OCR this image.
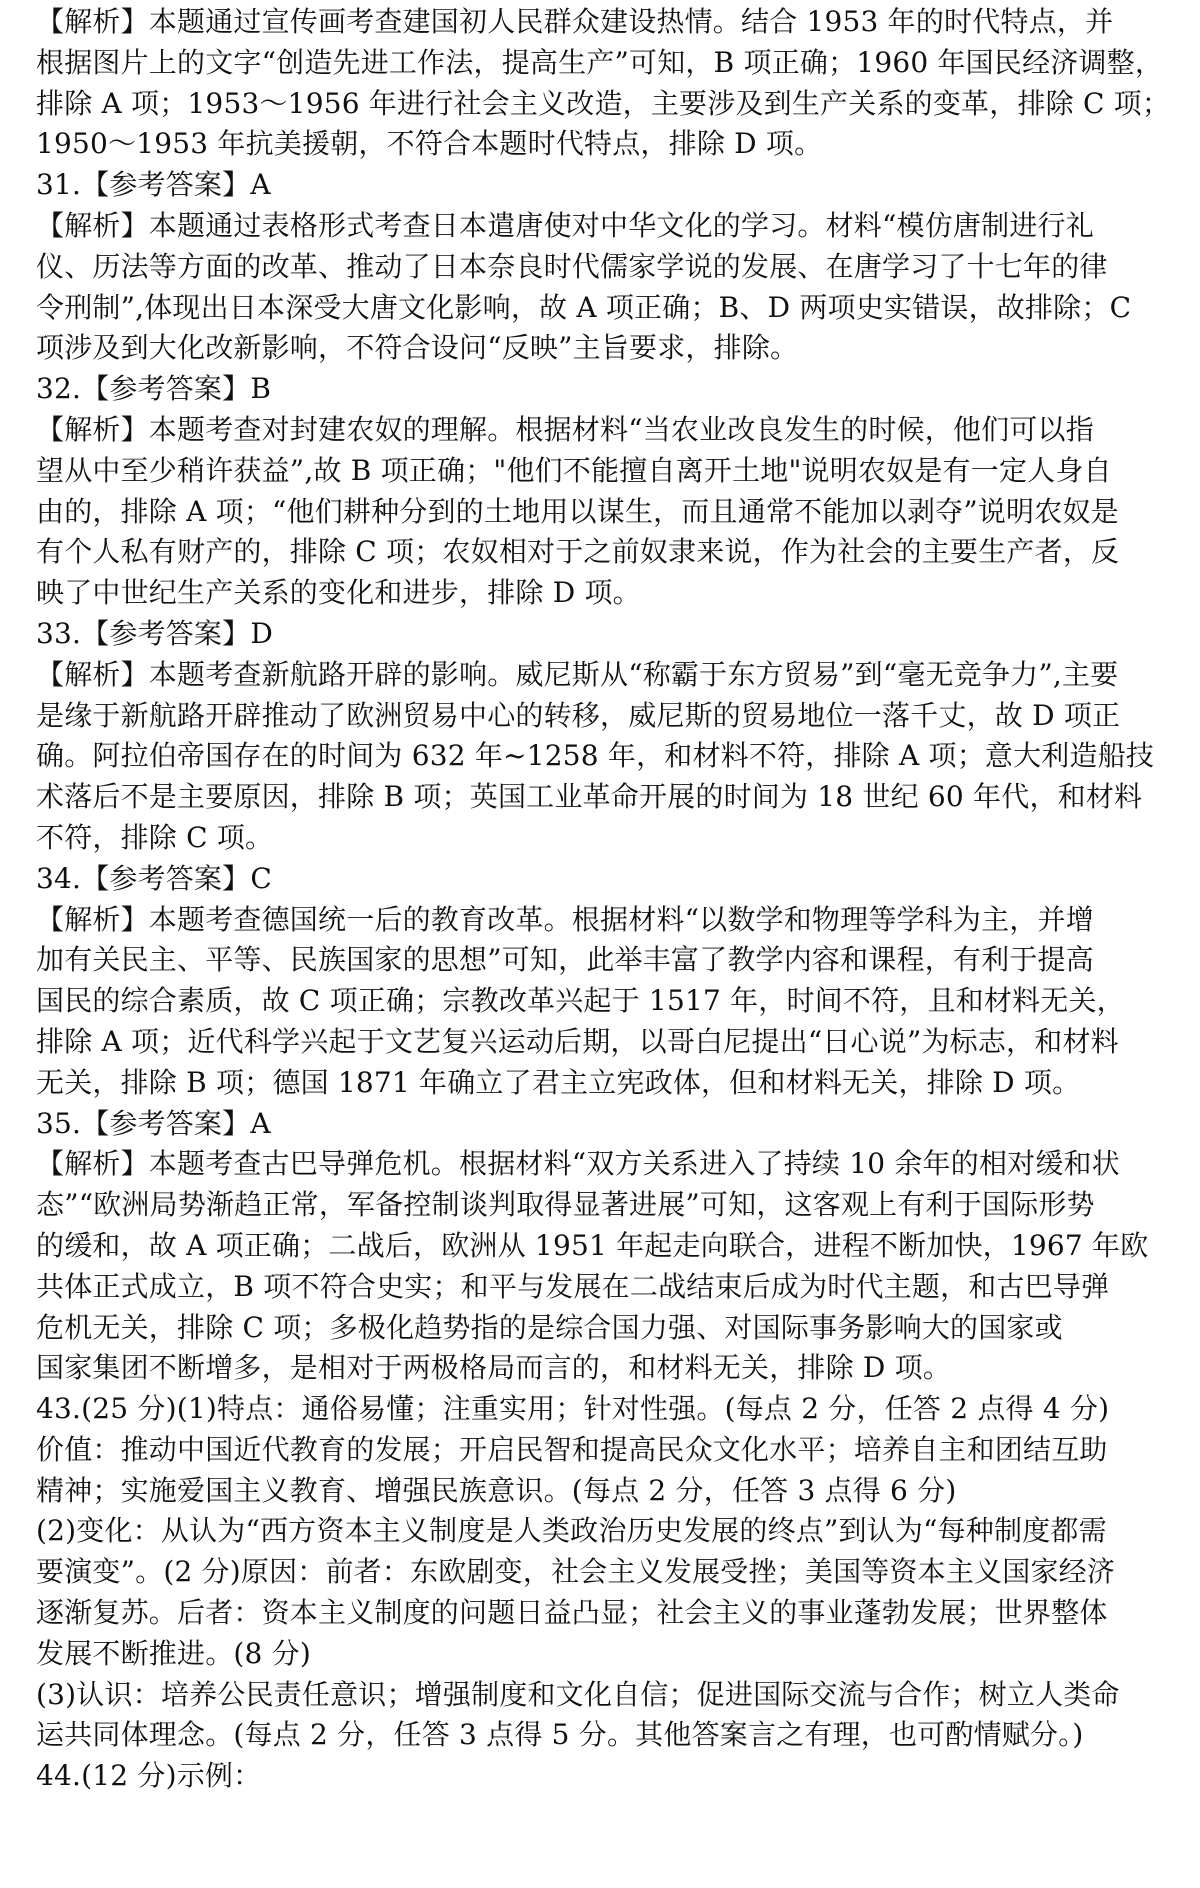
【解析】本题通过宣传画考查建国初人民群众建设热情。结合 1953 年的时代特点，并
根据图片上的文字“创造先进工作法，提高生产”可知，B 项正确；1960 年国民经济调整，
排除 A 项；1953～1956 年进行社会主义改造，主要涉及到生产关系的变革，排除 C 项；
1950～1953 年抗美援朝，不符合本题时代特点，排除 D 项。
31.【参考答案】A
【解析】本题通过表格形式考查日本遣唐使对中华文化的学习。材料“模仿唐制进行礼
仪、历法等方面的改革、推动了日本奈良时代儒家学说的发展、在唐学习了十七年的律
令刑制”,体现出日本深受大唐文化影响，故 A 项正确；B、D 两项史实错误，故排除；C
项涉及到大化改新影响，不符合设问“反映”主旨要求，排除。
32.【参考答案】B
【解析】本题考查对封建农奴的理解。根据材料“当农业改良发生的时候，他们可以指
望从中至少稍许获益”,故 B 项正确；"他们不能擅自离开土地"说明农奴是有一定人身自
由的，排除 A 项；“他们耕种分到的土地用以谋生，而且通常不能加以剥夺”说明农奴是
有个人私有财产的，排除 C 项；农奴相对于之前奴隶来说，作为社会的主要生产者，反
映了中世纪生产关系的变化和进步，排除 D 项。
33.【参考答案】D
【解析】本题考查新航路开辟的影响。威尼斯从“称霸于东方贸易”到“毫无竞争力”,主要
是缘于新航路开辟推动了欧洲贸易中心的转移，威尼斯的贸易地位一落千丈，故 D 项正
确。阿拉伯帝国存在的时间为 632 年~1258 年，和材料不符，排除 A 项；意大利造船技
术落后不是主要原因，排除 B 项；英国工业革命开展的时间为 18 世纪 60 年代，和材料
不符，排除 C 项。
34.【参考答案】C
【解析】本题考查德国统一后的教育改革。根据材料“以数学和物理等学科为主，并增
加有关民主、平等、民族国家的思想”可知，此举丰富了教学内容和课程，有利于提高
国民的综合素质，故 C 项正确；宗教改革兴起于 1517 年，时间不符，且和材料无关，
排除 A 项；近代科学兴起于文艺复兴运动后期，以哥白尼提出“日心说”为标志，和材料
无关，排除 B 项；德国 1871 年确立了君主立宪政体，但和材料无关，排除 D 项。
35.【参考答案】A
【解析】本题考查古巴导弹危机。根据材料“双方关系进入了持续 10 余年的相对缓和状
态”“欧洲局势渐趋正常，军备控制谈判取得显著进展”可知，这客观上有利于国际形势
的缓和，故 A 项正确；二战后，欧洲从 1951 年起走向联合，进程不断加快，1967 年欧
共体正式成立，B 项不符合史实；和平与发展在二战结束后成为时代主题，和古巴导弹
危机无关，排除 C 项；多极化趋势指的是综合国力强、对国际事务影响大的国家或
国家集团不断增多，是相对于两极格局而言的，和材料无关，排除 D 项。
43.(25 分)(1)特点：通俗易懂；注重实用；针对性强。(每点 2 分，任答 2 点得 4 分)
价值：推动中国近代教育的发展；开启民智和提高民众文化水平；培养自主和团结互助
精神；实施爱国主义教育、增强民族意识。(每点 2 分，任答 3 点得 6 分)
(2)变化：从认为“西方资本主义制度是人类政治历史发展的终点”到认为“每种制度都需
要演变”。(2 分)原因：前者：东欧剧变，社会主义发展受挫；美国等资本主义国家经济
逐渐复苏。后者：资本主义制度的问题日益凸显；社会主义的事业蓬勃发展；世界整体
发展不断推进。(8 分)
(3)认识：培养公民责任意识；增强制度和文化自信；促进国际交流与合作；树立人类命
运共同体理念。(每点 2 分，任答 3 点得 5 分。其他答案言之有理，也可酌情赋分。)
44.(12 分)示例：
